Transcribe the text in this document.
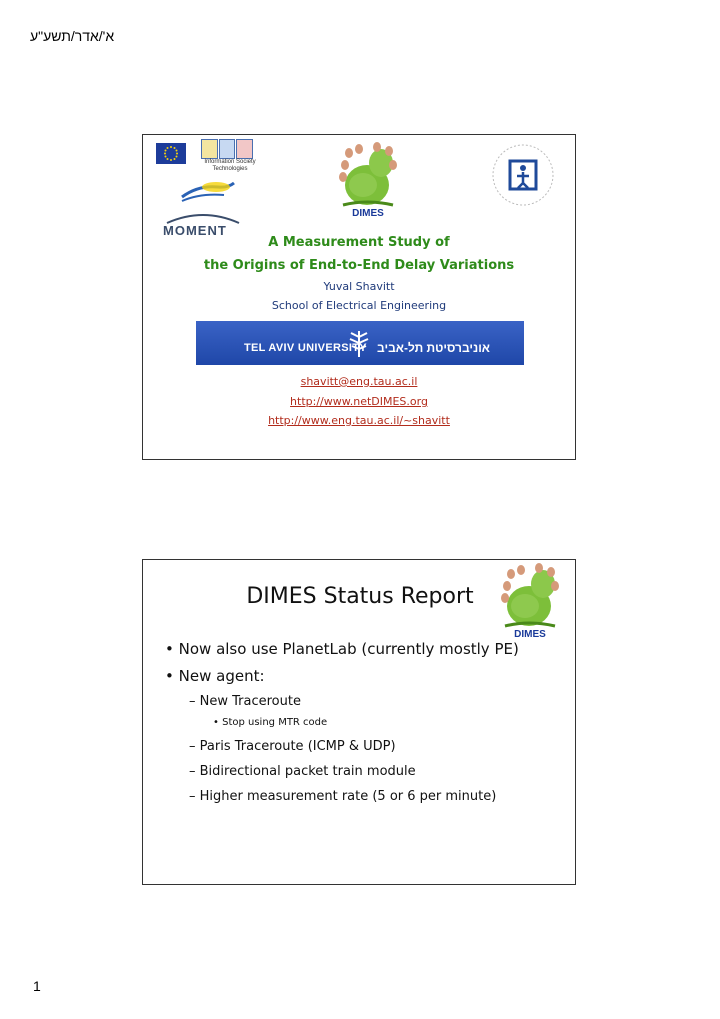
א'/אדר/תשע"ע
Information Society
Technologies
MOMENT
DIMES
A Measurement Study of
the Origins of End-to-End Delay Variations
Yuval Shavitt
School of Electrical Engineering
TEL AVIV UNIVERSITY אוניברסיטת תל-אביב
shavitt@eng.tau.ac.il
http://www.netDIMES.org
http://www.eng.tau.ac.il/~shavitt
DIMES Status Report
DIMES
• Now also use PlanetLab (currently mostly PE)
• New agent:
– New Traceroute
• Stop using MTR code
– Paris Traceroute (ICMP & UDP)
– Bidirectional packet train module
– Higher measurement rate (5 or 6 per minute)
1
